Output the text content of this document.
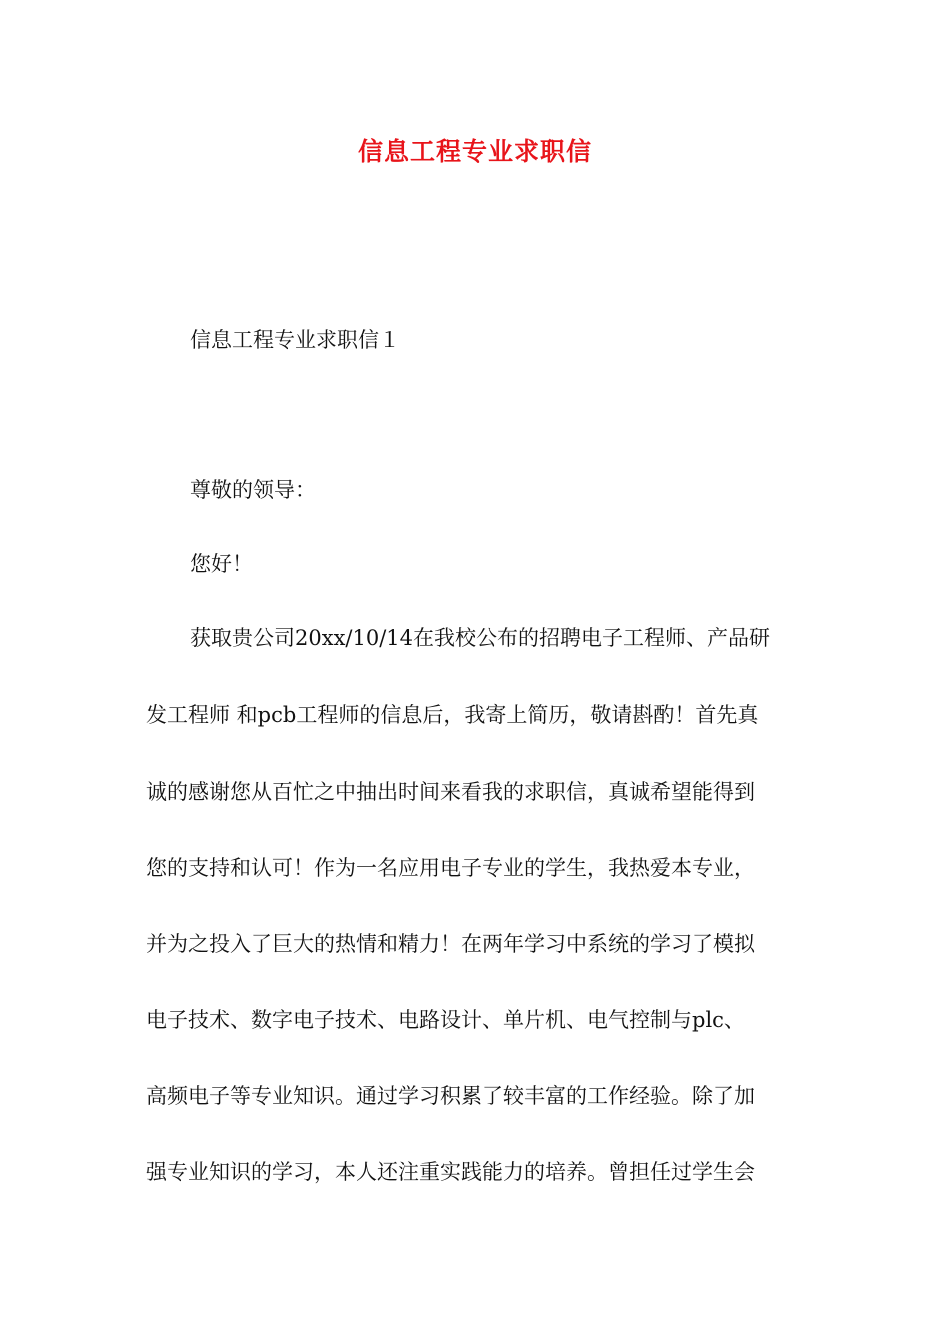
信息工程专业求职信
信息工程专业求职信１
尊敬的领导：
您好！
获取贵公司20xx/10/14在我校公布的招聘电子工程师、产品研
发工程师 和pcb工程师的信息后，我寄上简历，敬请斟酌！首先真
诚的感谢您从百忙之中抽出时间来看我的求职信，真诚希望能得到
您的支持和认可！作为一名应用电子专业的学生，我热爱本专业，
并为之投入了巨大的热情和精力！在两年学习中系统的学习了模拟
电子技术、数字电子技术、电路设计、单片机、电气控制与plc、
高频电子等专业知识。通过学习积累了较丰富的工作经验。除了加
强专业知识的学习，本人还注重实践能力的培养。曾担任过学生会
